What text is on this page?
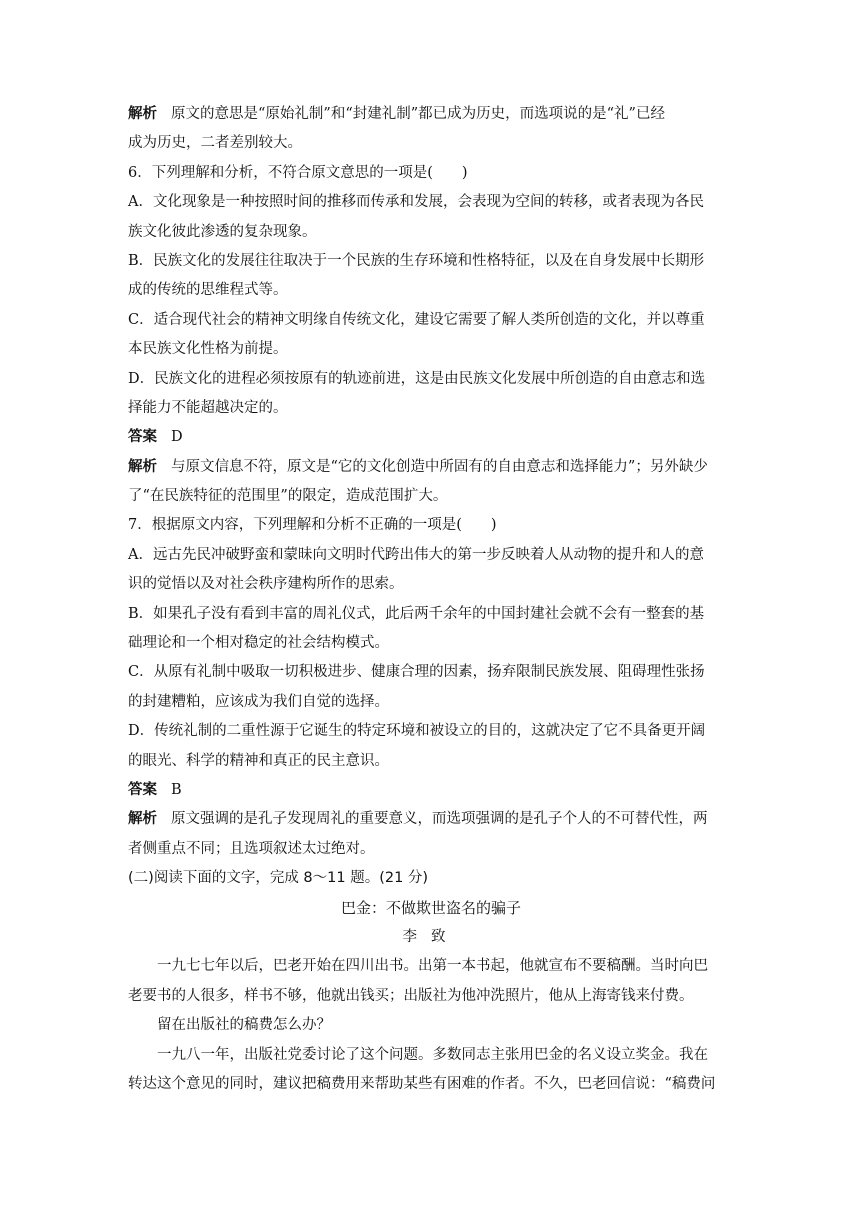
解析 原文的意思是“原始礼制”和“封建礼制”都已成为历史，而选项说的是“礼”已经
成为历史，二者差别较大。
6．下列理解和分析，不符合原文意思的一项是(　　)
A．文化现象是一种按照时间的推移而传承和发展，会表现为空间的转移，或者表现为各民
族文化彼此渗透的复杂现象。
B．民族文化的发展往往取决于一个民族的生存环境和性格特征，以及在自身发展中长期形
成的传统的思维程式等。
C．适合现代社会的精神文明缘自传统文化，建设它需要了解人类所创造的文化，并以尊重
本民族文化性格为前提。
D．民族文化的进程必须按原有的轨迹前进，这是由民族文化发展中所创造的自由意志和选
择能力不能超越决定的。
答案 D
解析 与原文信息不符，原文是“它的文化创造中所固有的自由意志和选择能力”；另外缺少
了“在民族特征的范围里”的限定，造成范围扩大。
7．根据原文内容，下列理解和分析不正确的一项是(　　)
A．远古先民冲破野蛮和蒙昧向文明时代跨出伟大的第一步反映着人从动物的提升和人的意
识的觉悟以及对社会秩序建构所作的思索。
B．如果孔子没有看到丰富的周礼仪式，此后两千余年的中国封建社会就不会有一整套的基
础理论和一个相对稳定的社会结构模式。
C．从原有礼制中吸取一切积极进步、健康合理的因素，扬弃限制民族发展、阻碍理性张扬
的封建糟粕，应该成为我们自觉的选择。
D．传统礼制的二重性源于它诞生的特定环境和被设立的目的，这就决定了它不具备更开阔
的眼光、科学的精神和真正的民主意识。
答案 B
解析 原文强调的是孔子发现周礼的重要意义，而选项强调的是孔子个人的不可替代性，两
者侧重点不同；且选项叙述太过绝对。
(二)阅读下面的文字，完成 8～11 题。(21 分)
巴金：不做欺世盗名的骗子
李致
一九七七年以后，巴老开始在四川出书。出第一本书起，他就宣布不要稿酬。当时向巴
老要书的人很多，样书不够，他就出钱买；出版社为他冲洗照片，他从上海寄钱来付费。
留在出版社的稿费怎么办？
一九八一年，出版社党委讨论了这个问题。多数同志主张用巴金的名义设立奖金。我在
转达这个意见的同时，建议把稿费用来帮助某些有困难的作者。不久，巴老回信说：“稿费问
